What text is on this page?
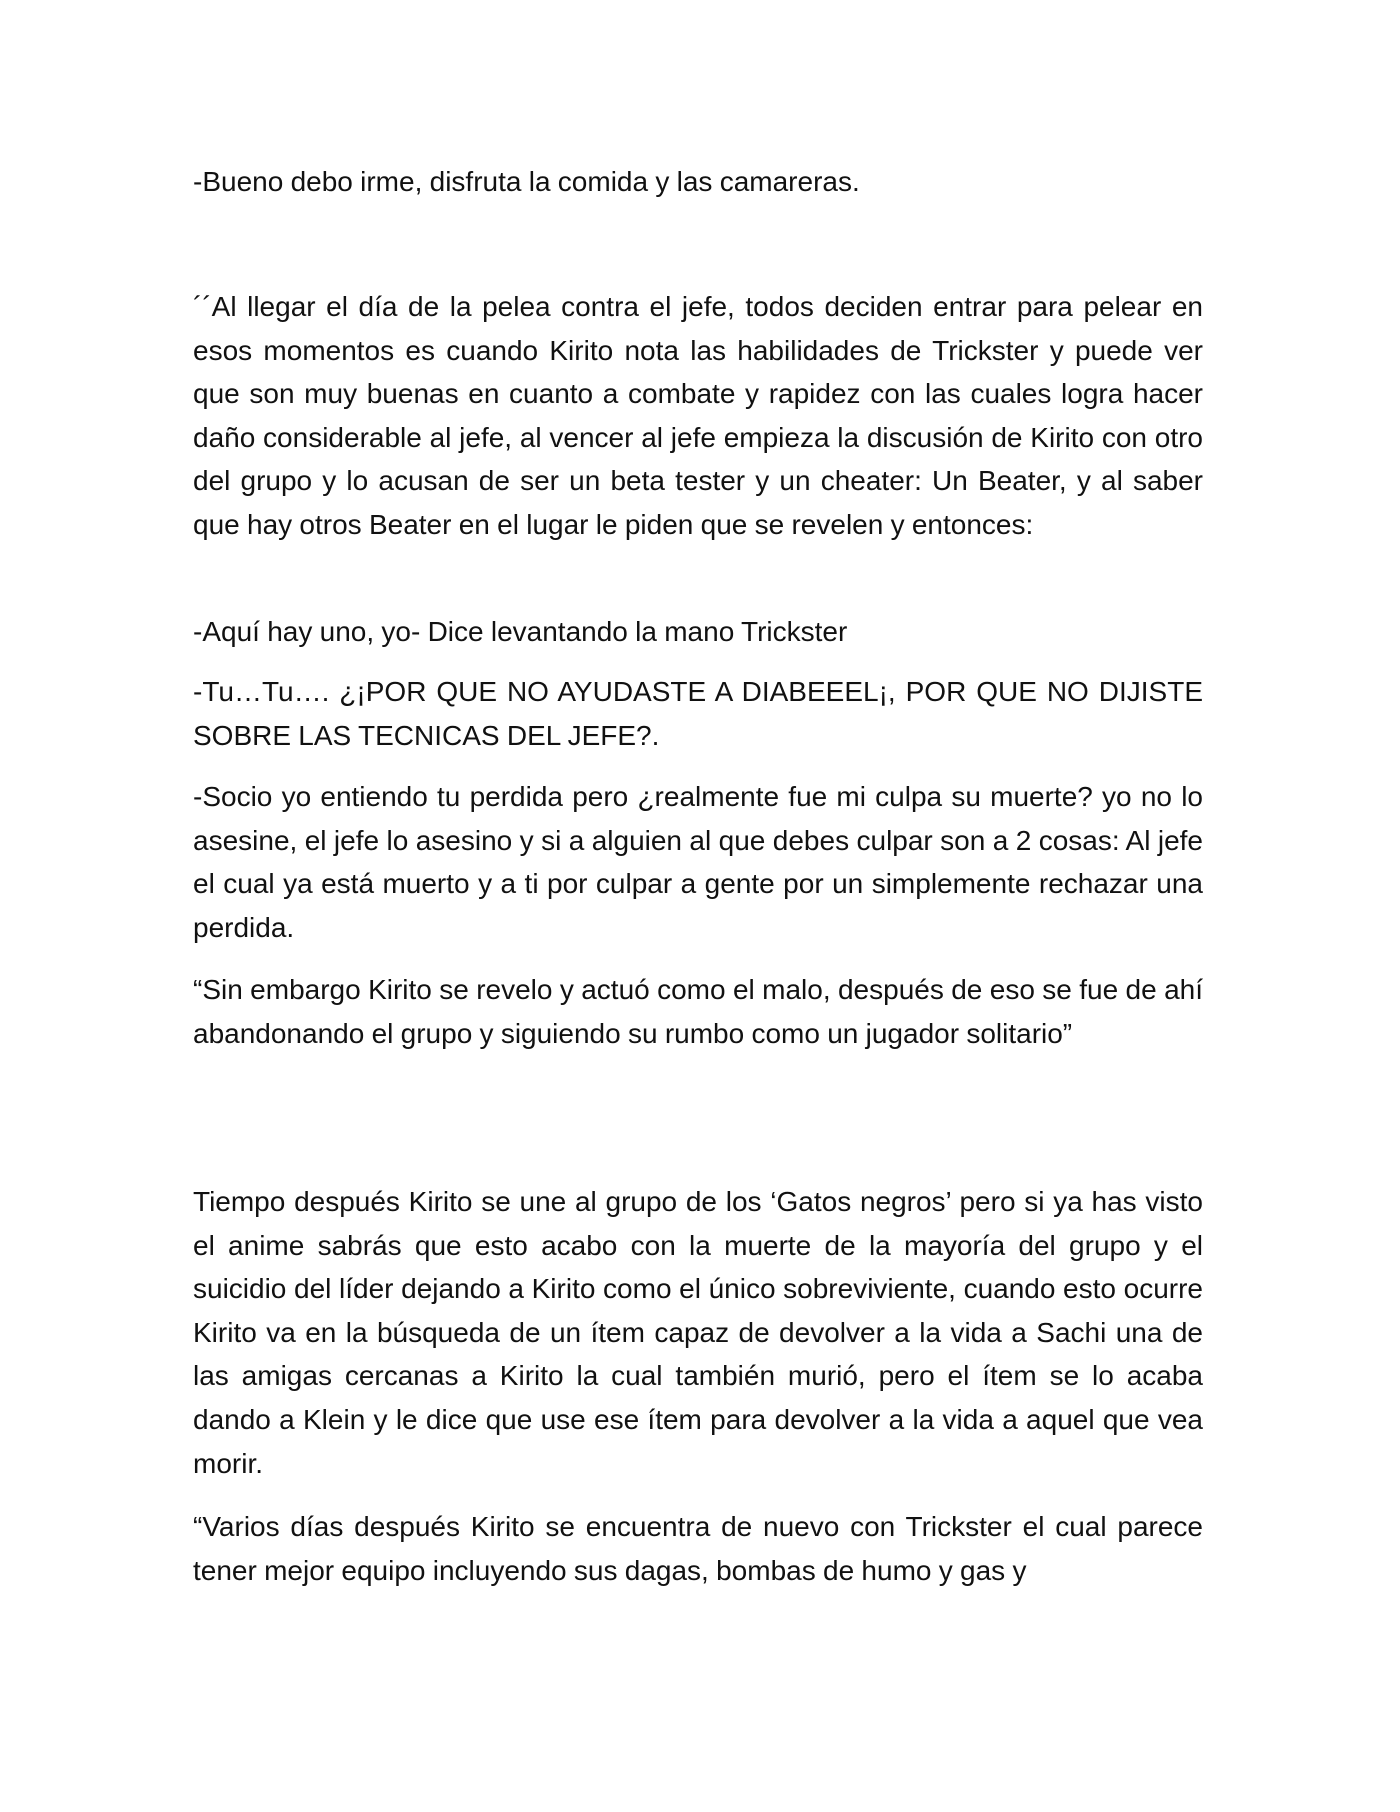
-Bueno debo irme, disfruta la comida y las camareras.

´´Al llegar el día de la pelea contra el jefe, todos deciden entrar para pelear en esos momentos es cuando Kirito nota las habilidades de Trickster y puede ver que son muy buenas en cuanto a combate y rapidez con las cuales logra hacer daño considerable al jefe, al vencer al jefe empieza la discusión de Kirito con otro del grupo y lo acusan de ser un beta tester y un cheater: Un Beater, y al saber que hay otros Beater en el lugar le piden que se revelen y entonces:

-Aquí hay uno, yo- Dice levantando la mano Trickster

-Tu…Tu…. ¿¡POR QUE NO AYUDASTE A DIABEEEL¡, POR QUE NO DIJISTE SOBRE LAS TECNICAS DEL JEFE?.

-Socio yo entiendo tu perdida pero ¿realmente fue mi culpa su muerte? yo no lo asesine, el jefe lo asesino y si a alguien al que debes culpar son a 2 cosas: Al jefe el cual ya está muerto y a ti por culpar a gente por un simplemente rechazar una perdida.

“Sin embargo Kirito se revelo y actuó como el malo, después de eso se fue de ahí abandonando el grupo y siguiendo su rumbo como un jugador solitario”

Tiempo después Kirito se une al grupo de los ‘Gatos negros’ pero si ya has visto el anime sabrás que esto acabo con la muerte de la mayoría del grupo y el suicidio del líder dejando a Kirito como el único sobreviviente, cuando esto ocurre Kirito va en la búsqueda de un ítem capaz de devolver a la vida a Sachi una de las amigas cercanas a Kirito la cual también murió, pero el ítem se lo acaba dando a Klein y le dice que use ese ítem para devolver a la vida a aquel que vea morir.

“Varios días después Kirito se encuentra de nuevo con Trickster el cual parece tener mejor equipo incluyendo sus dagas, bombas de humo y gas y
